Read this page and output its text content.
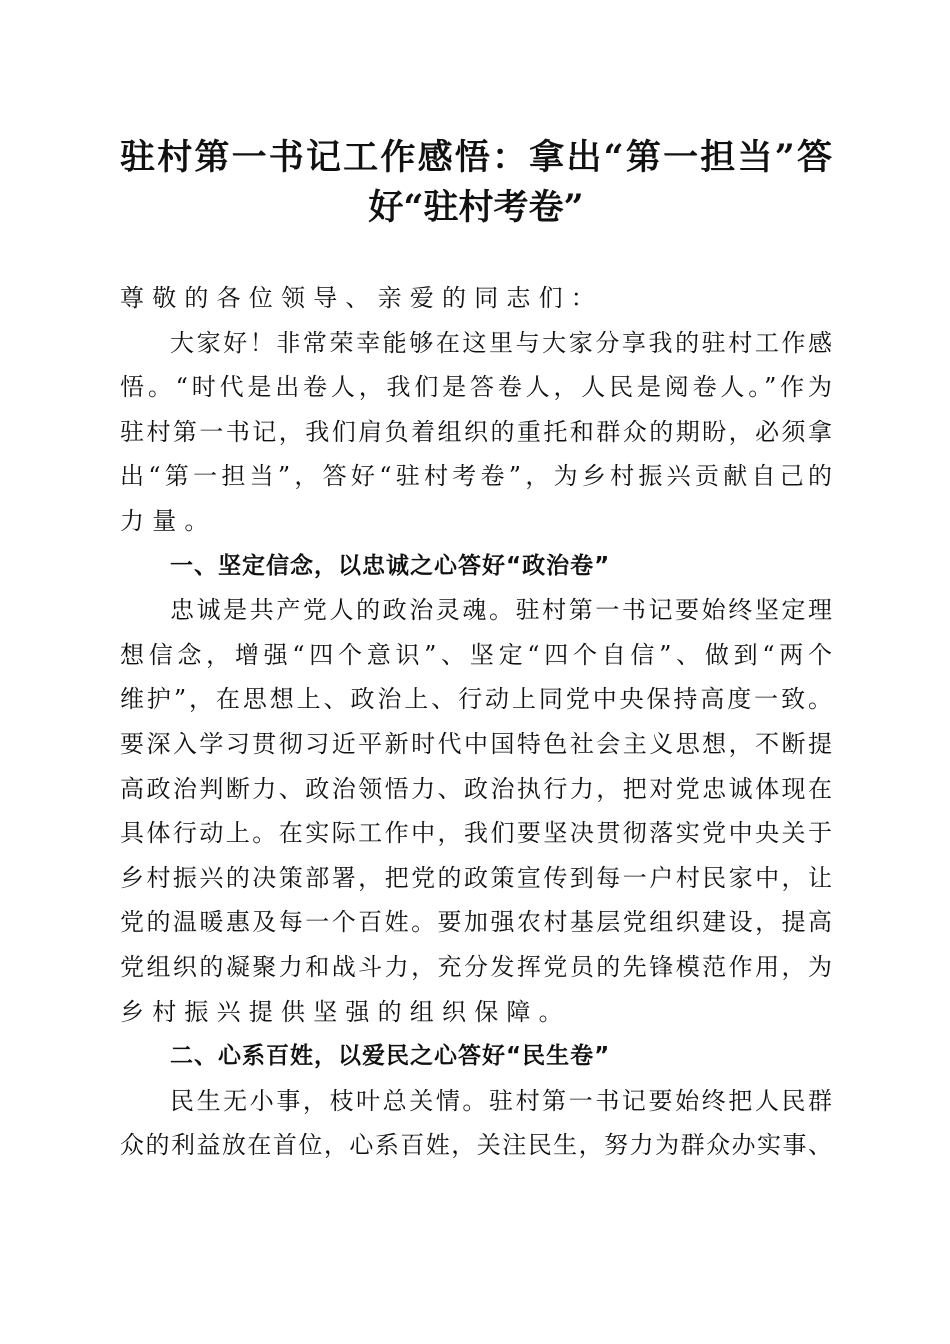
驻村第一书记工作感悟：拿出“第一担当”答
好“驻村考卷”
尊敬的各位领导、亲爱的同志们：
大家好！非常荣幸能够在这里与大家分享我的驻村工作感
悟。“时代是出卷人，我们是答卷人，人民是阅卷人。”作为
驻村第一书记，我们肩负着组织的重托和群众的期盼，必须拿
出“第一担当”，答好“驻村考卷”，为乡村振兴贡献自己的
力量。
一、坚定信念，以忠诚之心答好“政治卷”
忠诚是共产党人的政治灵魂。驻村第一书记要始终坚定理
想信念，增强“四个意识”、坚定“四个自信”、做到“两个
维护”，在思想上、政治上、行动上同党中央保持高度一致。
要深入学习贯彻习近平新时代中国特色社会主义思想，不断提
高政治判断力、政治领悟力、政治执行力，把对党忠诚体现在
具体行动上。在实际工作中，我们要坚决贯彻落实党中央关于
乡村振兴的决策部署，把党的政策宣传到每一户村民家中，让
党的温暖惠及每一个百姓。要加强农村基层党组织建设，提高
党组织的凝聚力和战斗力，充分发挥党员的先锋模范作用，为
乡村振兴提供坚强的组织保障。
二、心系百姓，以爱民之心答好“民生卷”
民生无小事，枝叶总关情。驻村第一书记要始终把人民群
众的利益放在首位，心系百姓，关注民生，努力为群众办实事、
